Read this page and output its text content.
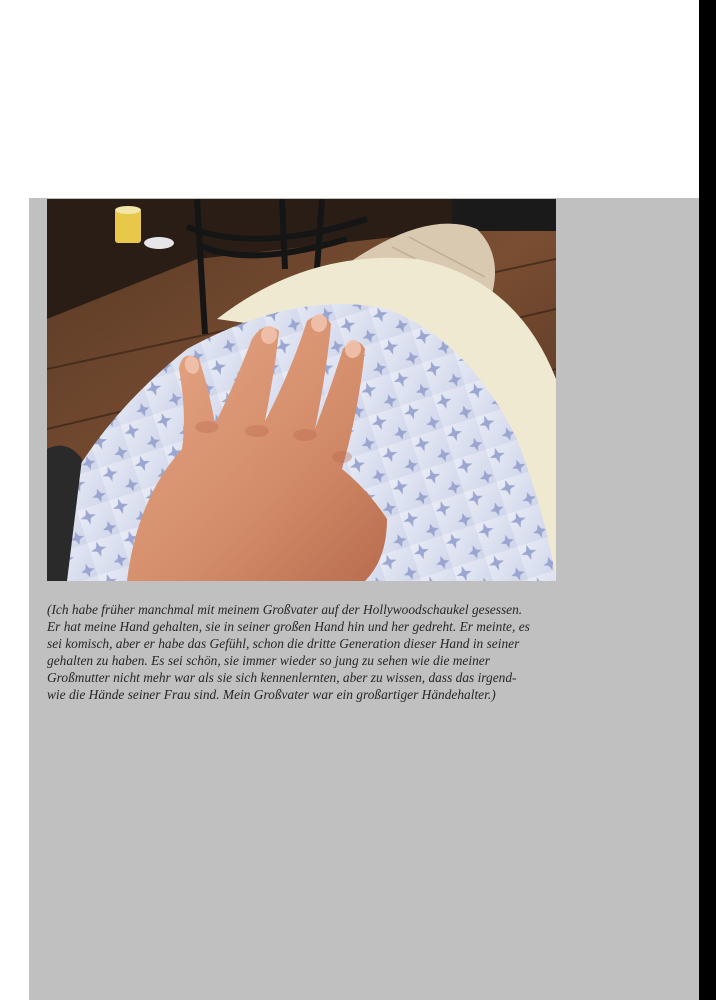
(Ich habe früher manchmal mit meinem Großvater auf der Hollywoodschaukel gesessen.
Er hat meine Hand gehalten, sie in seiner großen Hand hin und her gedreht. Er meinte, es
sei komisch, aber er habe das Gefühl, schon die dritte Generation dieser Hand in seiner
gehalten zu haben. Es sei schön, sie immer wieder so jung zu sehen wie die meiner
Großmutter nicht mehr war als sie sich kennenlernten, aber zu wissen, dass das irgend-
wie die Hände seiner Frau sind. Mein Großvater war ein großartiger Händehalter.)
